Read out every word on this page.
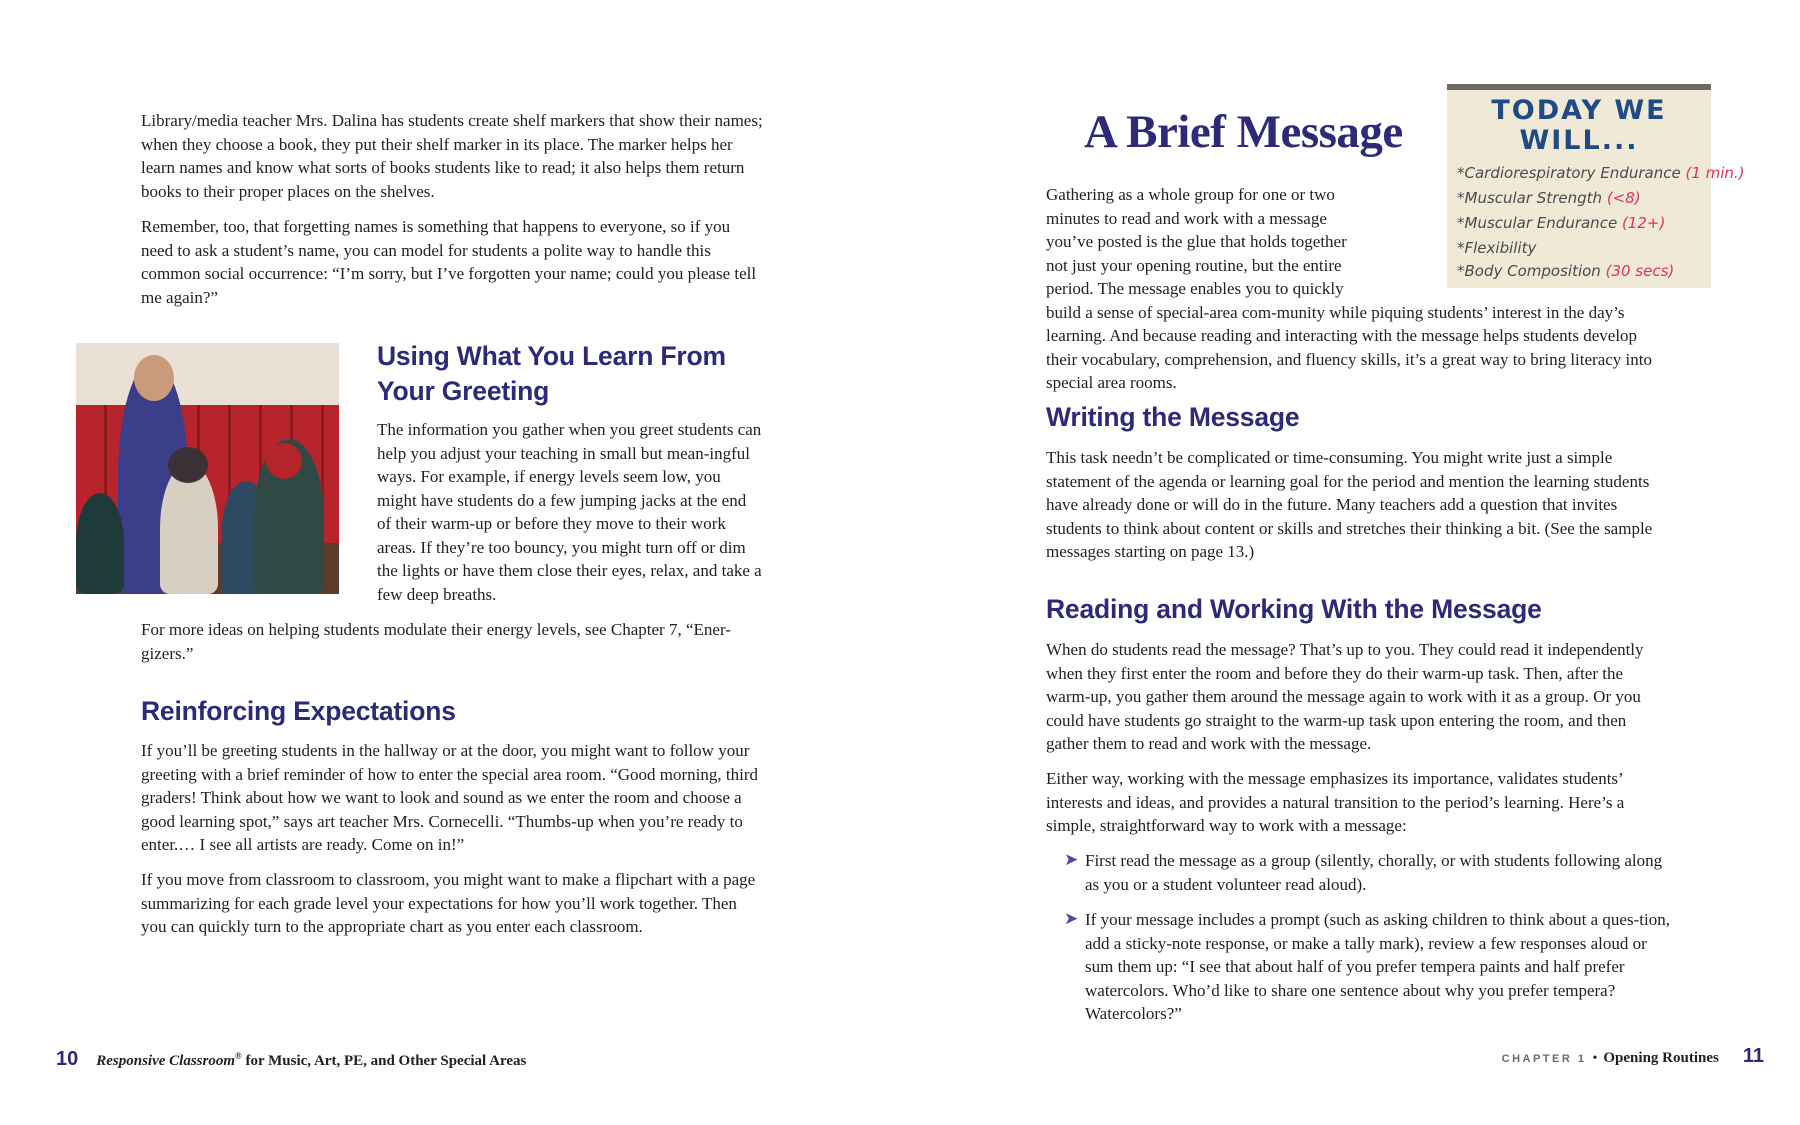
Library/media teacher Mrs. Dalina has students create shelf markers that show their names; when they choose a book, they put their shelf marker in its place. The marker helps her learn names and know what sorts of books students like to read; it also helps them return books to their proper places on the shelves.

Remember, too, that forgetting names is something that happens to everyone, so if you need to ask a student’s name, you can model for students a polite way to handle this common social occurrence: “I’m sorry, but I’ve forgotten your name; could you please tell me again?”

Using What You Learn From Your Greeting

The information you gather when you greet students can help you adjust your teaching in small but mean-ingful ways. For example, if energy levels seem low, you might have students do a few jumping jacks at the end of their warm-up or before they move to their work areas. If they’re too bouncy, you might turn off or dim the lights or have them close their eyes, relax, and take a few deep breaths.

For more ideas on helping students modulate their energy levels, see Chapter 7, “Ener-gizers.”

Reinforcing Expectations

If you’ll be greeting students in the hallway or at the door, you might want to follow your greeting with a brief reminder of how to enter the special area room. “Good morning, third graders! Think about how we want to look and sound as we enter the room and choose a good learning spot,” says art teacher Mrs. Cornecelli. “Thumbs-up when you’re ready to enter.… I see all artists are ready. Come on in!”

If you move from classroom to classroom, you might want to make a flipchart with a page summarizing for each grade level your expectations for how you’ll work together. Then you can quickly turn to the appropriate chart as you enter each classroom.

10 Responsive Classroom® for Music, Art, PE, and Other Special Areas
A Brief Message

Gathering as a whole group for one or two minutes to read and work with a message you’ve posted is the glue that holds together not just your opening routine, but the entire period. The message enables you to quickly build a sense of special-area com-munity while piquing students’ interest in the day’s learning. And because reading and interacting with the message helps students develop their vocabulary, comprehension, and fluency skills, it’s a great way to bring literacy into special area rooms.

Writing the Message

This task needn’t be complicated or time-consuming. You might write just a simple statement of the agenda or learning goal for the period and mention the learning students have already done or will do in the future. Many teachers add a question that invites students to think about content or skills and stretches their thinking a bit. (See the sample messages starting on page 13.)

Reading and Working With the Message

When do students read the message? That’s up to you. They could read it independently when they first enter the room and before they do their warm-up task. Then, after the warm-up, you gather them around the message again to work with it as a group. Or you could have students go straight to the warm-up task upon entering the room, and then gather them to read and work with the message.

Either way, working with the message emphasizes its importance, validates students’ interests and ideas, and provides a natural transition to the period’s learning. Here’s a simple, straightforward way to work with a message:

TODAY WE
WILL...
*Cardiorespiratory Endurance (1 min.)
*Muscular Strength (<8)
*Muscular Endurance (12+)
*Flexibility
*Body Composition (30 secs)
➤ First read the message as a group (silently, chorally, or with students following along as you or a student volunteer read aloud).

➤ If your message includes a prompt (such as asking children to think about a ques-tion, add a sticky-note response, or make a tally mark), review a few responses aloud or sum them up: “I see that about half of you prefer tempera paints and half prefer watercolors. Who’d like to share one sentence about why you prefer tempera? Watercolors?”

CHAPTER 1 • Opening Routines 11
